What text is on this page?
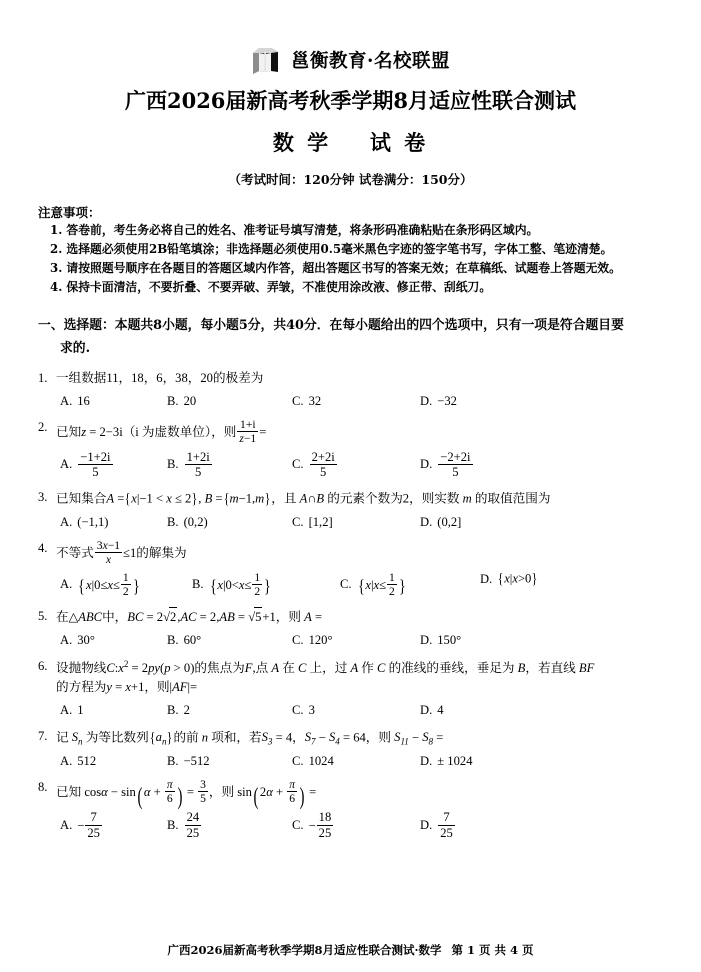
邕衡教育·名校联盟
广西2026届新高考秋季学期8月适应性联合测试
数 学 试 卷
（考试时间：120分钟 试卷满分：150分）
注意事项：
1. 答卷前，考生务必将自己的姓名、准考证号填写清楚，将条形码准确粘贴在条形码区域内。
2. 选择题必须使用2B铅笔填涂；非选择题必须使用0.5毫米黑色字迹的签字笔书写，字体工整、笔迹清楚。
3. 请按照题号顺序在各题目的答题区域内作答，超出答题区书写的答案无效；在草稿纸、试题卷上答题无效。
4. 保持卡面清洁，不要折叠、不要弄破、弄皱，不准使用涂改液、修正带、刮纸刀。
一、选择题：本题共8小题，每小题5分，共40分．在每小题给出的四个选项中，只有一项是符合题目要
求的.
1. 一组数据11，18，6，38，20的极差为
A. 16	B. 20	C. 32	D. −32
2. 已知z = 2−3i（i 为虚数单位），则 $\frac{1+i}{z-1}$ =
A. $\frac{-1+2i}{5}$	B. $\frac{1+2i}{5}$	C. $\frac{2+2i}{5}$	D. $\frac{-2+2i}{5}$
3. 已知集合A ={x|−1 < x ≤ 2}, B ={m−1,m}，且 A∩B 的元素个数为2，则实数 m 的取值范围为
A. (−1,1)	B. (0,2)	C. [1,2]	D. (0,2]
4. 不等式 $\frac{3x-1}{x} \le 1$的解集为
A. {$x|0\le x\le \frac{1}{2}$ }	B. {$x|0<x\le \frac{1}{2}$ }	C. {$x|x\le \frac{1}{2}$ }	D. {x|x>0}
5. 在△ABC中，BC = 2√2,AC = 2,AB = √5+1，则 A =
A. 30°	B. 60°	C. 120°	D. 150°
6. 设抛物线$C:x^2 = 2py(p > 0)$的焦点为F,点 A 在 C 上，过 A 作 C 的准线的垂线，垂足为 B，若直线 BF
的方程为y = x+1，则|AF|=
A. 1	B. 2	C. 3	D. 4
7. 记 $S_n$ 为等比数列$\{a_n\}$的前 n 项和，若$S_3 = 4$，$S_7 - S_4 = 64$，则 $S_{11} - S_8$ =
A. 512	B. −512	C. 1024	D. ± 1024
8. 已知 cosα − sin( $\alpha + \frac{\pi}{6}$ ) = $\frac{3}{5}$ ，则 sin( $2\alpha + \frac{\pi}{6}$ ) =
A. − $\frac{7}{25}$	B. $\frac{24}{25}$	C. − $\frac{18}{25}$	D. $\frac{7}{25}$
广西2026届新高考秋季学期8月适应性联合测试·数学 第 1 页 共 4 页
